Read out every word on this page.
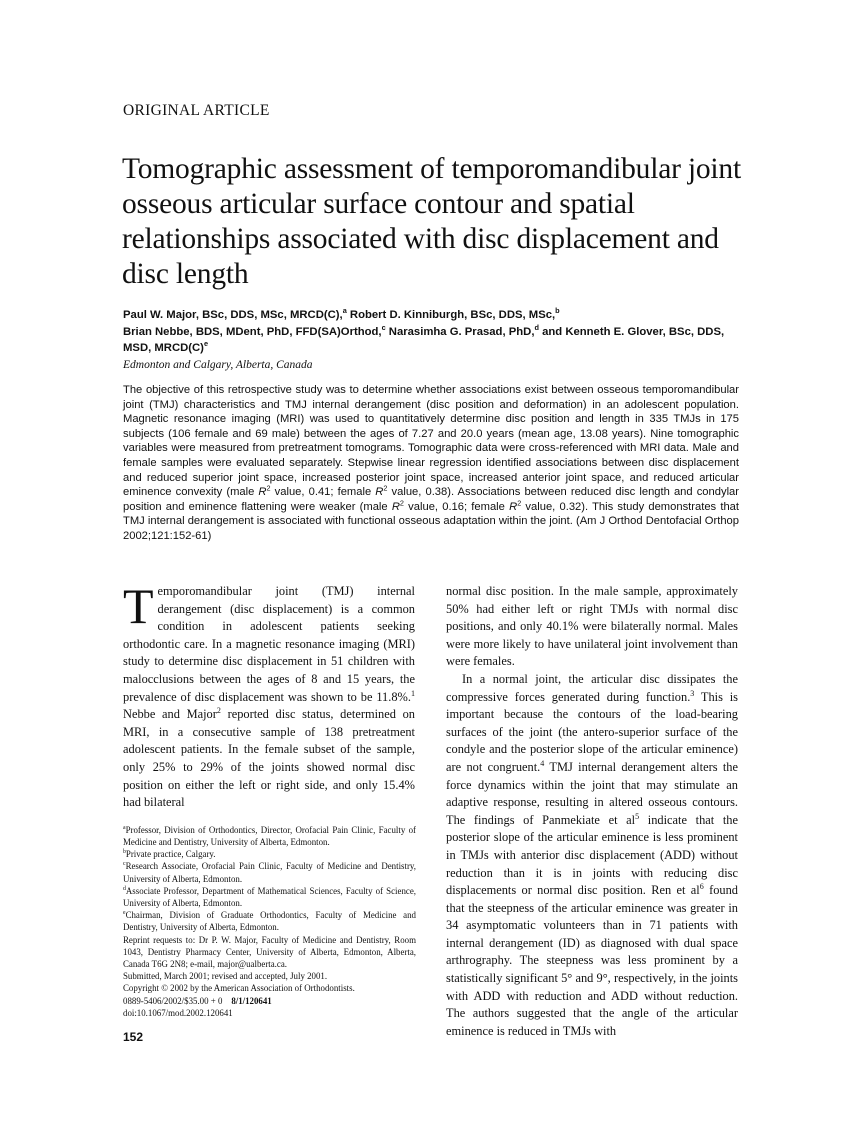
ORIGINAL ARTICLE
Tomographic assessment of temporomandibular joint osseous articular surface contour and spatial relationships associated with disc displacement and disc length
Paul W. Major, BSc, DDS, MSc, MRCD(C),$^a$ Robert D. Kinniburgh, BSc, DDS, MSc,$^b$
Brian Nebbe, BDS, MDent, PhD, FFD(SA)Orthod,$^c$ Narasimha G. Prasad, PhD,$^d$ and Kenneth E. Glover, BSc, DDS, MSD, $MRCD(C)^e$
Edmonton and Calgary, Alberta, Canada
The objective of this retrospective study was to determine whether associations exist between osseous temporomandibular joint (TMJ) characteristics and TMJ internal derangement (disc position and deformation) in an adolescent population. Magnetic resonance imaging (MRI) was used to quantitatively determine disc position and length in 335 TMJs in 175 subjects (106 female and 69 male) between the ages of 7.27 and 20.0 years (mean age, 13.08 years). Nine tomographic variables were measured from pretreatment tomograms. Tomographic data were cross-referenced with MRI data. Male and female samples were evaluated separately. Stepwise linear regression identified associations between disc displacement and reduced superior joint space, increased posterior joint space, increased anterior joint space, and reduced articular eminence convexity (male $R^2$ value, 0.41; female $R^2$ value, 0.38). Associations between reduced disc length and condylar position and eminence flattening were weaker (male $R^2$ value, 0.16; female $R^2$ value, 0.32). This study demonstrates that TMJ internal derangement is associated with functional osseous adaptation within the joint. (Am J Orthod Dentofacial Orthop 2002;121:152-61)

Temporomandibular joint (TMJ) internal derangement (disc displacement) is a common condition in adolescent patients seeking orthodontic care. In a magnetic resonance imaging (MRI) study to determine disc displacement in 51 children with malocclusions between the ages of 8 and 15 years, the prevalence of disc displacement was shown to be 11.8%.$^1$ Nebbe and Major$^2$ reported disc status, determined on MRI, in a consecutive sample of 138 pretreatment adolescent patients. In the female subset of the sample, only 25% to 29% of the joints showed normal disc position on either the left or right side, and only 15.4% had bilateral

$^a$Professor, Division of Orthodontics, Director, Orofacial Pain Clinic, Faculty of Medicine and Dentistry, University of Alberta, Edmonton.
$^b$Private practice, Calgary.
$^c$Research Associate, Orofacial Pain Clinic, Faculty of Medicine and Dentistry, University of Alberta, Edmonton.
$^d$Associate Professor, Department of Mathematical Sciences, Faculty of Science, University of Alberta, Edmonton.
$^e$Chairman, Division of Graduate Orthodontics, Faculty of Medicine and Dentistry, University of Alberta, Edmonton.
Reprint requests to: Dr P. W. Major, Faculty of Medicine and Dentistry, Room 1043, Dentistry Pharmacy Center, University of Alberta, Edmonton, Alberta, Canada T6G 2N8; e-mail, major@ualberta.ca.
Submitted, March 2001; revised and accepted, July 2001.
Copyright © 2002 by the American Association of Orthodontists.
0889-5406/2002/$35.00 + 0 8/1/120641
doi:10.1067/mod.2002.120641
152

normal disc position. In the male sample, approximately 50% had either left or right TMJs with normal disc positions, and only 40.1% were bilaterally normal. Males were more likely to have unilateral joint involvement than were females.

In a normal joint, the articular disc dissipates the compressive forces generated during function.$^3$ This is important because the contours of the load-bearing surfaces of the joint (the antero-superior surface of the condyle and the posterior slope of the articular eminence) are not congruent.$^4$ TMJ internal derangement alters the force dynamics within the joint that may stimulate an adaptive response, resulting in altered osseous contours. The findings of Panmekiate et $al^5$ indicate that the posterior slope of the articular eminence is less prominent in TMJs with anterior disc displacement (ADD) without reduction than it is in joints with reducing disc displacements or normal disc position. Ren et $al^6$ found that the steepness of the articular eminence was greater in 34 asymptomatic volunteers than in 71 patients with internal derangement (ID) as diagnosed with dual space arthrography. The steepness was less prominent by a statistically significant 5° and 9°, respectively, in the joints with ADD with reduction and ADD without reduction. The authors suggested that the angle of the articular eminence is reduced in TMJs with
